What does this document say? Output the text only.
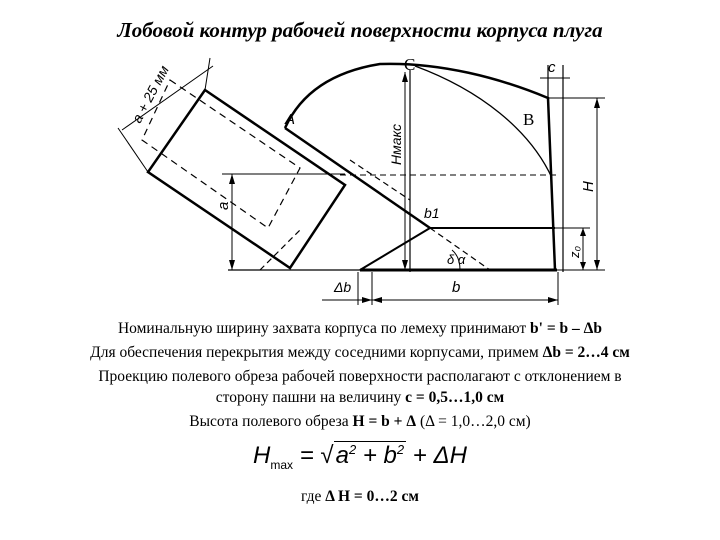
Лобовой контур рабочей поверхности корпуса плуга
C
B
c
A
a + 25 мм
Hмакс
H
a	b1
z₀
δ α
Δb	b
Номинальную ширину захвата корпуса по лемеху принимают b' = b – Δb
Для обеспечения перекрытия между соседними корпусами, примем Δb = 2…4 см
Проекцию полевого обреза рабочей поверхности располагают с отклонением в
сторону пашни на величину c = 0,5…1,0 см
Высота полевого обреза H = b + Δ (Δ = 1,0…2,0 см)
$H_{max} = √a^2 + b^2 + \Delta H$
где Δ H = 0…2 см
